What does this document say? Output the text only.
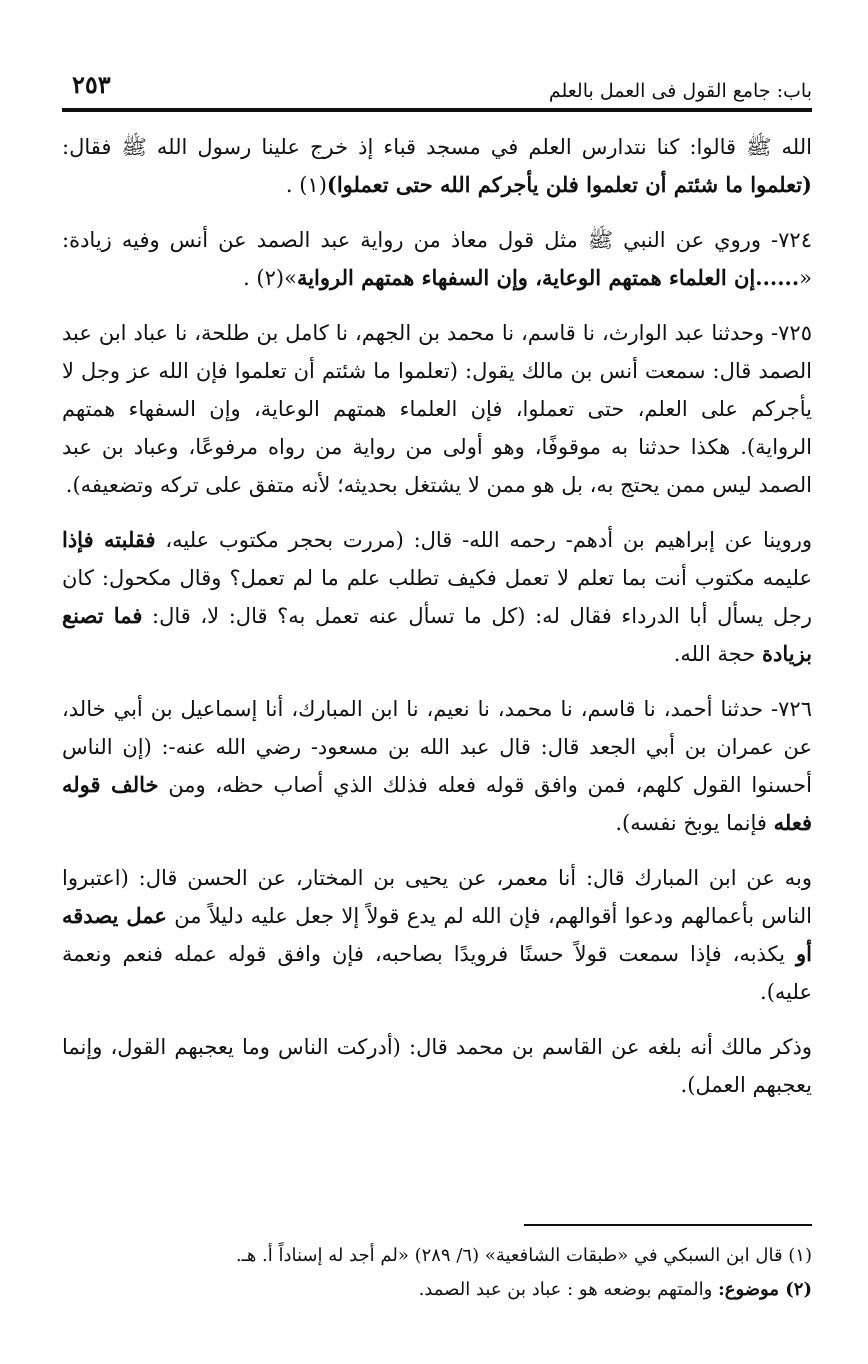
باب: جامع القول فى العمل بالعلم
٢٥٣

الله ﷺ قالوا: كنا نتدارس العلم في مسجد قباء إذ خرج علينا رسول الله ﷺ فقال: (تعلموا ما شئتم أن تعلموا فلن يأجركم الله حتى تعملوا)(١) .

٧٢٤- وروي عن النبي ﷺ مثل قول معاذ من رواية عبد الصمد عن أنس وفيه زيادة: «......إن العلماء همتهم الوعاية، وإن السفهاء همتهم الرواية»(٢) .

٧٢٥- وحدثنا عبد الوارث، نا قاسم، نا محمد بن الجهم، نا كامل بن طلحة، نا عباد ابن عبد الصمد قال: سمعت أنس بن مالك يقول: (تعلموا ما شئتم أن تعلموا فإن الله عز وجل لا يأجركم على العلم، حتى تعملوا، فإن العلماء همتهم الوعاية، وإن السفهاء همتهم الرواية). هكذا حدثنا به موقوفًا، وهو أولى من رواية من رواه مرفوعًا، وعباد بن عبد الصمد ليس ممن يحتج به، بل هو ممن لا يشتغل بحديثه؛ لأنه متفق على تركه وتضعيفه).

وروينا عن إبراهيم بن أدهم- رحمه الله- قال: (مررت بحجر مكتوب عليه، فقلبته فإذا عليمه مكتوب أنت بما تعلم لا تعمل فكيف تطلب علم ما لم تعمل؟ وقال مكحول: كان رجل يسأل أبا الدرداء فقال له: (كل ما تسأل عنه تعمل به؟ قال: لا، قال: فما تصنع بزيادة حجة الله.

٧٢٦- حدثنا أحمد، نا قاسم، نا محمد، نا نعيم، نا ابن المبارك، أنا إسماعيل بن أبي خالد، عن عمران بن أبي الجعد قال: قال عبد الله بن مسعود- رضي الله عنه-: (إن الناس أحسنوا القول كلهم، فمن وافق قوله فعله فذلك الذي أصاب حظه، ومن خالف قوله فعله فإنما يوبخ نفسه).

وبه عن ابن المبارك قال: أنا معمر، عن يحيى بن المختار، عن الحسن قال: (اعتبروا الناس بأعمالهم ودعوا أقوالهم، فإن الله لم يدع قولاً إلا جعل عليه دليلاً من عمل يصدقه أو يكذبه، فإذا سمعت قولاً حسنًا فرويدًا بصاحبه، فإن وافق قوله عمله فنعم ونعمة عليه).

وذكر مالك أنه بلغه عن القاسم بن محمد قال: (أدركت الناس وما يعجبهم القول، وإنما يعجبهم العمل).

(١) قال ابن السبكي في «طبقات الشافعية» (٦/ ٢٨٩) «لم أجد له إسناداً أ. هـ.

(٢) موضوع: والمتهم بوضعه هو : عباد بن عبد الصمد.
